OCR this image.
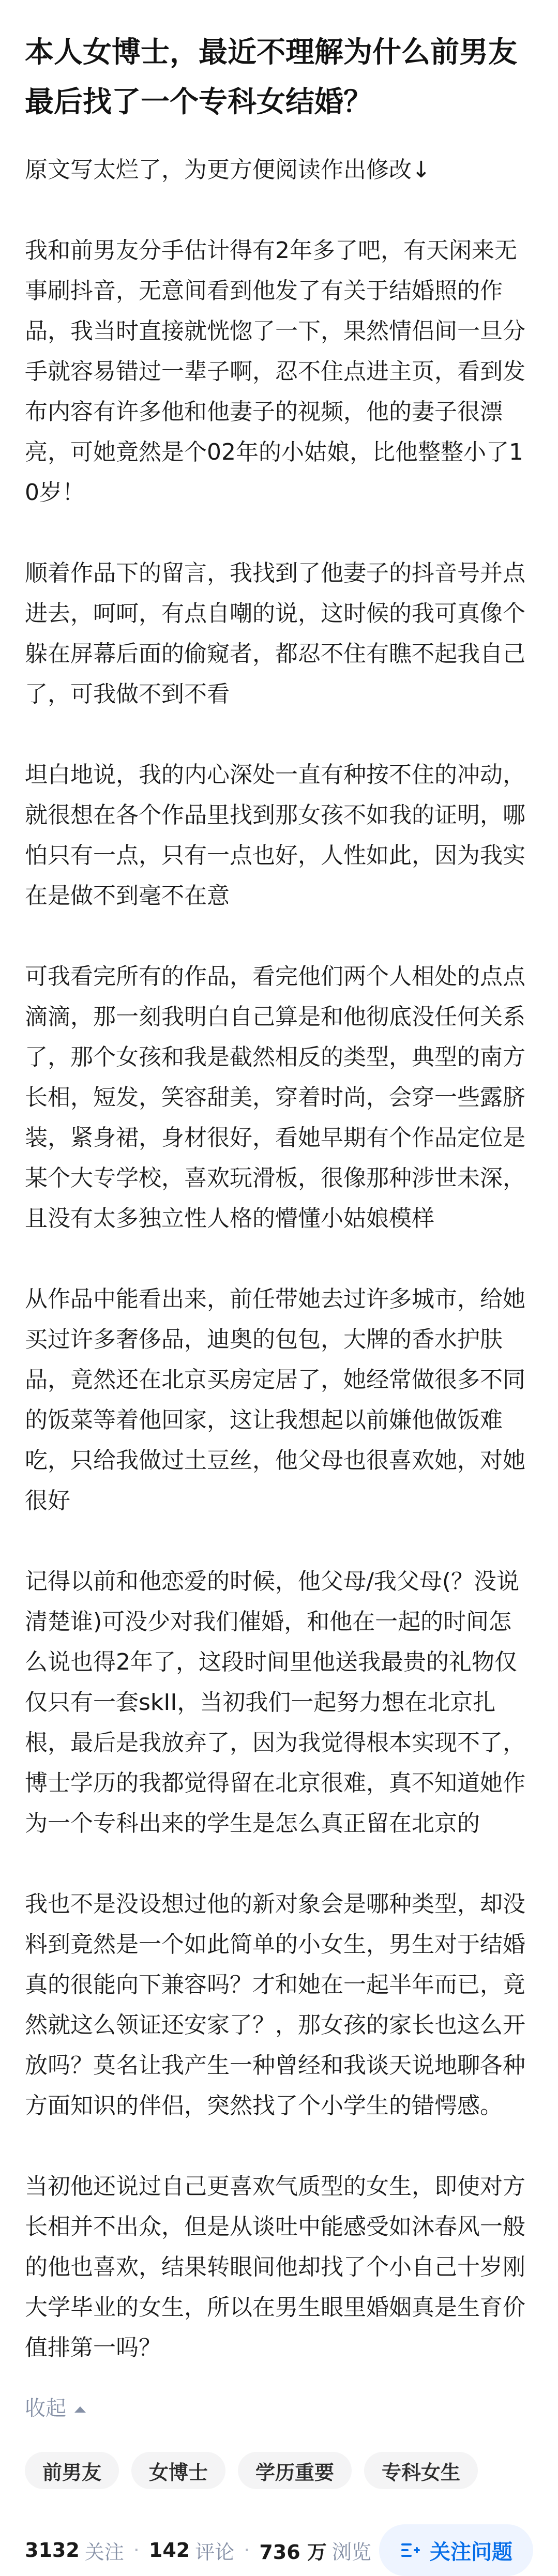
本人女博士，最近不理解为什么前男友最后找了一个专科女结婚？

原文写太烂了，为更方便阅读作出修改↓

我和前男友分手估计得有2年多了吧，有天闲来无事刷抖音，无意间看到他发了有关于结婚照的作品，我当时直接就恍惚了一下，果然情侣间一旦分手就容易错过一辈子啊，忍不住点进主页，看到发布内容有许多他和他妻子的视频，他的妻子很漂亮，可她竟然是个02年的小姑娘，比他整整小了10岁！

顺着作品下的留言，我找到了他妻子的抖音号并点进去，呵呵，有点自嘲的说，这时候的我可真像个躲在屏幕后面的偷窥者，都忍不住有瞧不起我自己了，可我做不到不看

坦白地说，我的内心深处一直有种按不住的冲动，就很想在各个作品里找到那女孩不如我的证明，哪怕只有一点，只有一点也好，人性如此，因为我实在是做不到毫不在意

可我看完所有的作品，看完他们两个人相处的点点滴滴，那一刻我明白自己算是和他彻底没任何关系了，那个女孩和我是截然相反的类型，典型的南方长相，短发，笑容甜美，穿着时尚，会穿一些露脐装，紧身裙，身材很好，看她早期有个作品定位是某个大专学校，喜欢玩滑板，很像那种涉世未深，且没有太多独立性人格的懵懂小姑娘模样

从作品中能看出来，前任带她去过许多城市，给她买过许多奢侈品，迪奥的包包，大牌的香水护肤品，竟然还在北京买房定居了，她经常做很多不同的饭菜等着他回家，这让我想起以前嫌他做饭难吃，只给我做过土豆丝，他父母也很喜欢她，对她很好

记得以前和他恋爱的时候，他父母/我父母(？没说清楚谁)可没少对我们催婚，和他在一起的时间怎么说也得2年了，这段时间里他送我最贵的礼物仅仅只有一套skII，当初我们一起努力想在北京扎根，最后是我放弃了，因为我觉得根本实现不了，博士学历的我都觉得留在北京很难，真不知道她作为一个专科出来的学生是怎么真正留在北京的

我也不是没设想过他的新对象会是哪种类型，却没料到竟然是一个如此简单的小女生，男生对于结婚真的很能向下兼容吗？才和她在一起半年而已，竟然就这么领证还安家了？，那女孩的家长也这么开放吗？莫名让我产生一种曾经和我谈天说地聊各种方面知识的伴侣，突然找了个小学生的错愕感。

当初他还说过自己更喜欢气质型的女生，即使对方长相并不出众，但是从谈吐中能感受如沐春风一般的他也喜欢，结果转眼间他却找了个小自己十岁刚大学毕业的女生，所以在男生眼里婚姻真是生育价值排第一吗？

收起
前男友	女博士	学历重要	专科女生
3132 关注 · 142 评论 · 736 万 浏览	关注问题
